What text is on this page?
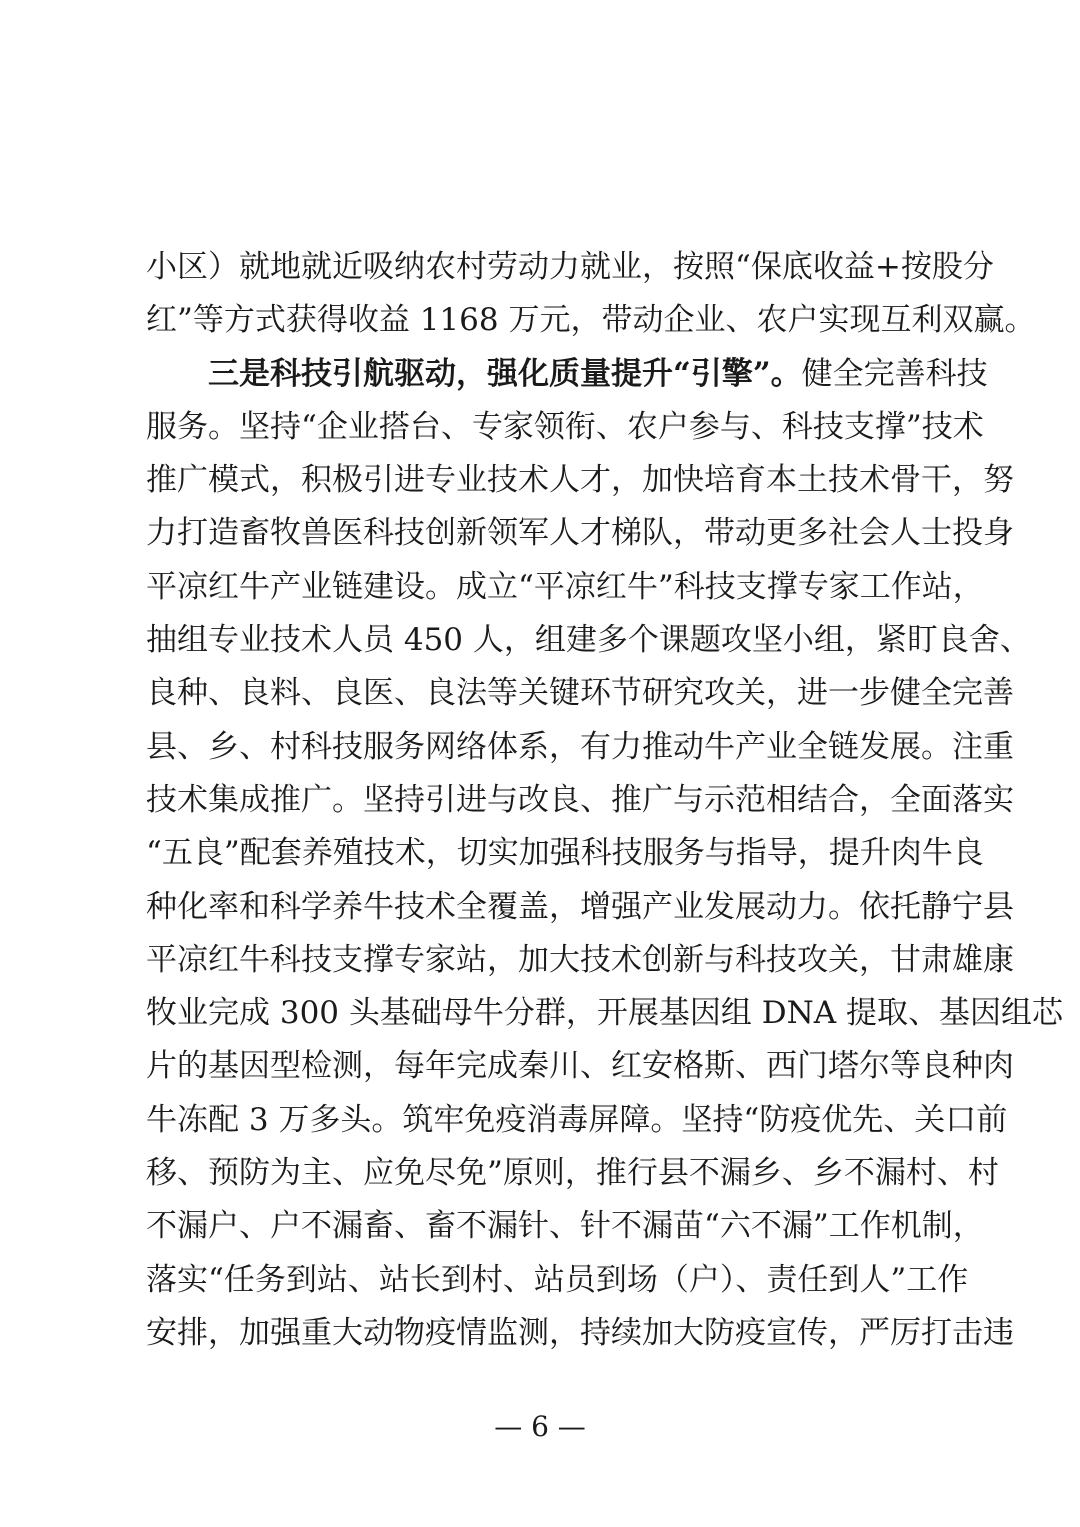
小区）就地就近吸纳农村劳动力就业，按照“保底收益+按股分
红”等方式获得收益 1168 万元，带动企业、农户实现互利双赢。
三是科技引航驱动，强化质量提升“引擎”。健全完善科技
服务。坚持“企业搭台、专家领衔、农户参与、科技支撑”技术
推广模式，积极引进专业技术人才，加快培育本土技术骨干，努
力打造畜牧兽医科技创新领军人才梯队，带动更多社会人士投身
平凉红牛产业链建设。成立“平凉红牛”科技支撑专家工作站，
抽组专业技术人员 450 人，组建多个课题攻坚小组，紧盯良舍、
良种、良料、良医、良法等关键环节研究攻关，进一步健全完善
县、乡、村科技服务网络体系，有力推动牛产业全链发展。注重
技术集成推广。坚持引进与改良、推广与示范相结合，全面落实
“五良”配套养殖技术，切实加强科技服务与指导，提升肉牛良
种化率和科学养牛技术全覆盖，增强产业发展动力。依托静宁县
平凉红牛科技支撑专家站，加大技术创新与科技攻关，甘肃雄康
牧业完成 300 头基础母牛分群，开展基因组 DNA 提取、基因组芯
片的基因型检测，每年完成秦川、红安格斯、西门塔尔等良种肉
牛冻配 3 万多头。筑牢免疫消毒屏障。坚持“防疫优先、关口前
移、预防为主、应免尽免”原则，推行县不漏乡、乡不漏村、村
不漏户、户不漏畜、畜不漏针、针不漏苗“六不漏”工作机制，
落实“任务到站、站长到村、站员到场（户）、责任到人”工作
安排，加强重大动物疫情监测，持续加大防疫宣传，严厉打击违
— 6 —
